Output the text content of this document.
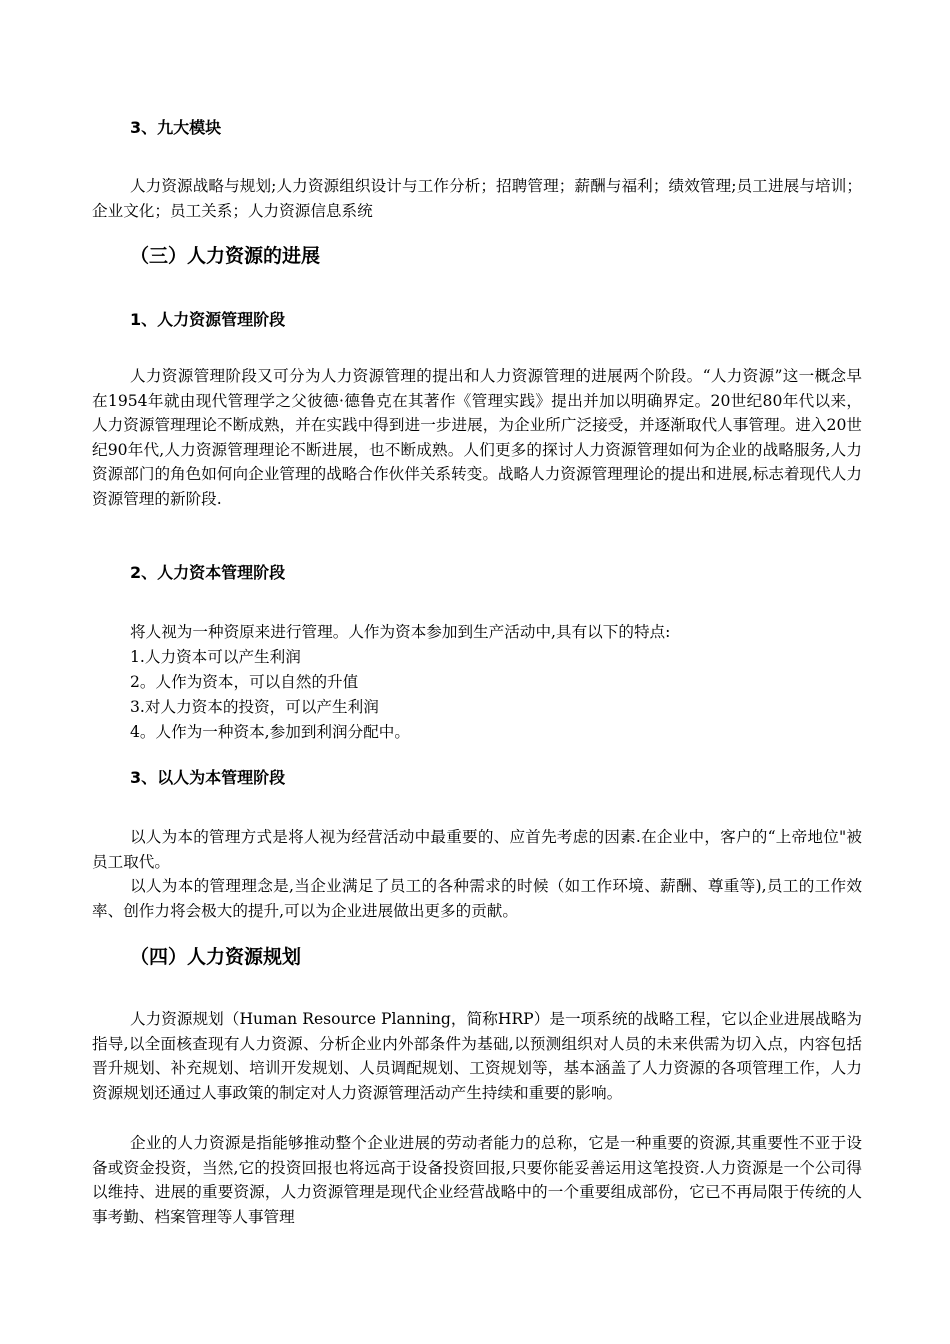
3、九大模块

人力资源战略与规划;人力资源组织设计与工作分析；招聘管理；薪酬与福利；绩效管理;员工进展与培训；企业文化；员工关系；人力资源信息系统

（三）人力资源的进展
1、人力资源管理阶段

人力资源管理阶段又可分为人力资源管理的提出和人力资源管理的进展两个阶段。“人力资源”这一概念早在1954年就由现代管理学之父彼德·德鲁克在其著作《管理实践》提出并加以明确界定。20世纪80年代以来，人力资源管理理论不断成熟，并在实践中得到进一步进展，为企业所广泛接受，并逐渐取代人事管理。进入20世纪90年代,人力资源管理理论不断进展，也不断成熟。人们更多的探讨人力资源管理如何为企业的战略服务,人力资源部门的角色如何向企业管理的战略合作伙伴关系转变。战略人力资源管理理论的提出和进展,标志着现代人力资源管理的新阶段.

2、人力资本管理阶段

将人视为一种资原来进行管理。人作为资本参加到生产活动中,具有以下的特点:

1.人力资本可以产生利润
2。人作为资本，可以自然的升值
3.对人力资本的投资，可以产生利润
4。人作为一种资本,参加到利润分配中。
3、以人为本管理阶段

以人为本的管理方式是将人视为经营活动中最重要的、应首先考虑的因素.在企业中，客户的“上帝地位"被员工取代。

以人为本的管理理念是,当企业满足了员工的各种需求的时候（如工作环境、薪酬、尊重等),员工的工作效率、创作力将会极大的提升,可以为企业进展做出更多的贡献。

（四）人力资源规划

人力资源规划（Human Resource Planning，简称HRP）是一项系统的战略工程，它以企业进展战略为指导,以全面核查现有人力资源、分析企业内外部条件为基础,以预测组织对人员的未来供需为切入点，内容包括晋升规划、补充规划、培训开发规划、人员调配规划、工资规划等，基本涵盖了人力资源的各项管理工作，人力资源规划还通过人事政策的制定对人力资源管理活动产生持续和重要的影响。

企业的人力资源是指能够推动整个企业进展的劳动者能力的总称，它是一种重要的资源,其重要性不亚于设备或资金投资，当然,它的投资回报也将远高于设备投资回报,只要你能妥善运用这笔投资.人力资源是一个公司得以维持、进展的重要资源，人力资源管理是现代企业经营战略中的一个重要组成部份，它已不再局限于传统的人事考勤、档案管理等人事管理
